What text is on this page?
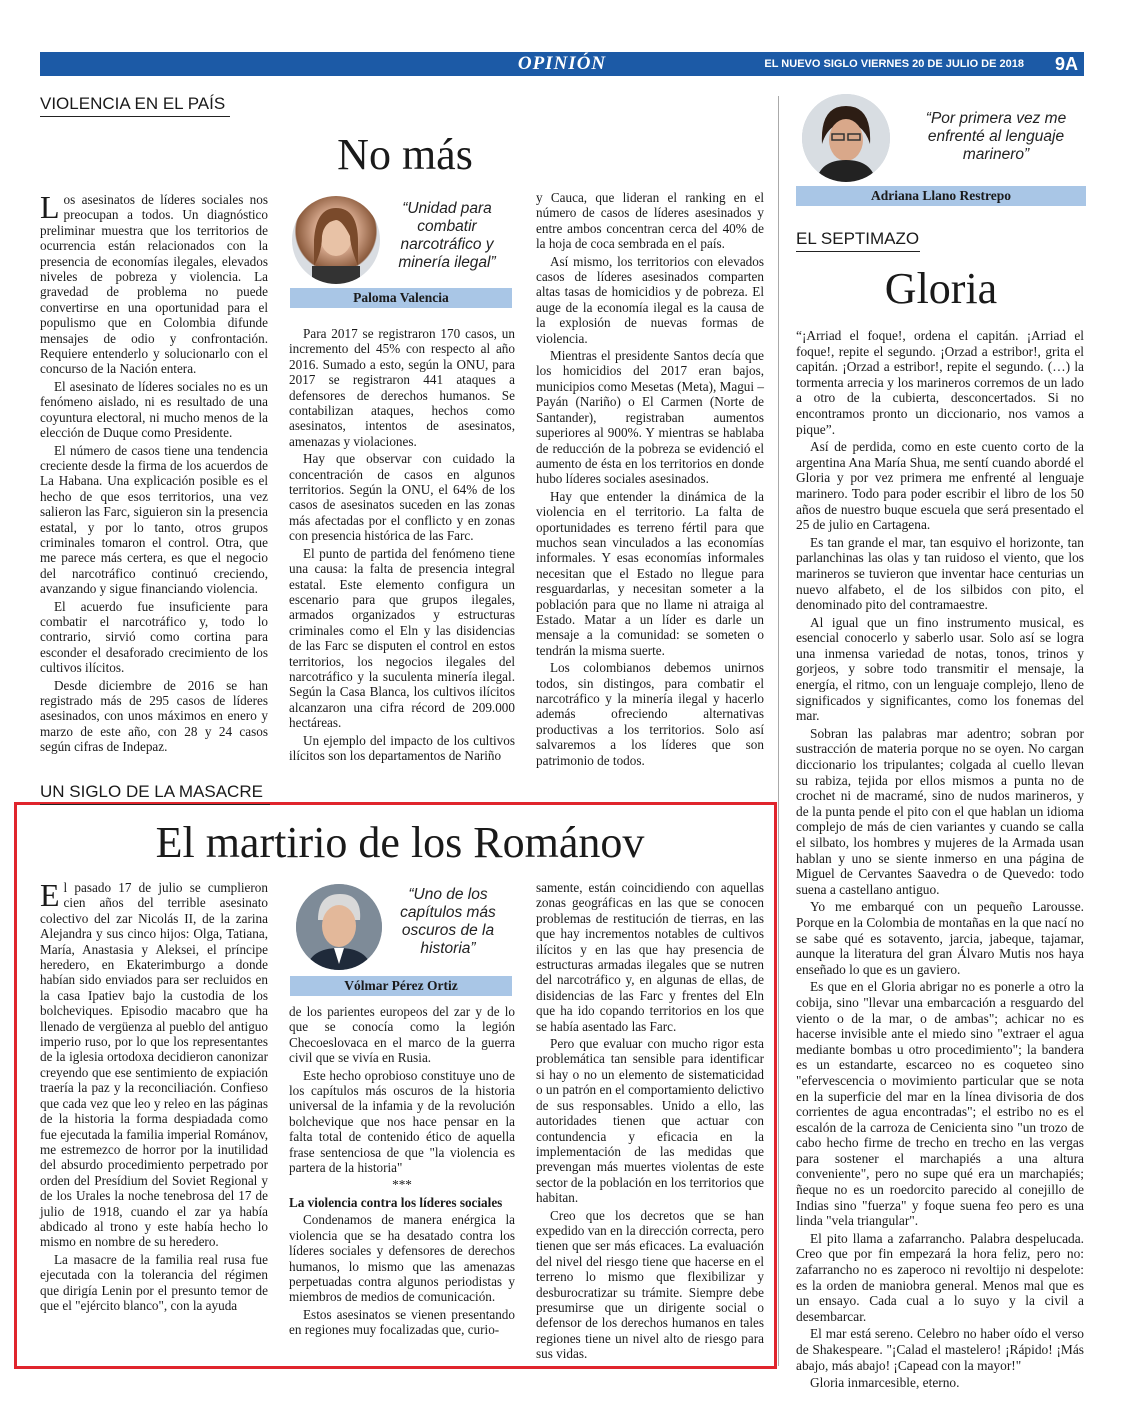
OPINIÓN	EL NUEVO SIGLO VIERNES 20 DE JULIO DE 2018 9A
VIOLENCIA EN EL PAÍS
No más
“Unidad para combatir narcotráfico y minería ilegal”
Paloma Valencia

Los asesinatos de líderes sociales nos preocupan a todos. Un diagnóstico preliminar muestra que los territorios de ocurrencia están relacionados con la presencia de economías ilegales, elevados niveles de pobreza y violencia. La gravedad de problema no puede convertirse en una oportunidad para el populismo que en Colombia difunde mensajes de odio y confrontación. Requiere entenderlo y solucionarlo con el concurso de la Nación entera.

El asesinato de líderes sociales no es un fenómeno aislado, ni es resultado de una coyuntura electoral, ni mucho menos de la elección de Duque como Presidente.

El número de casos tiene una tendencia creciente desde la firma de los acuerdos de La Habana. Una explicación posible es el hecho de que esos territorios, una vez salieron las Farc, siguieron sin la presencia estatal, y por lo tanto, otros grupos criminales tomaron el control. Otra, que me parece más certera, es que el negocio del narcotráfico continuó creciendo, avanzando y sigue financiando violencia.

El acuerdo fue insuficiente para combatir el narcotráfico y, todo lo contrario, sirvió como cortina para esconder el desaforado crecimiento de los cultivos ilícitos.

Desde diciembre de 2016 se han registrado más de 295 casos de líderes asesinados, con unos máximos en enero y marzo de este año, con 28 y 24 casos según cifras de Indepaz.

Para 2017 se registraron 170 casos, un incremento del 45% con respecto al año 2016. Sumado a esto, según la ONU, para 2017 se registraron 441 ataques a defensores de derechos humanos. Se contabilizan ataques, hechos como asesinatos, intentos de asesinatos, amenazas y violaciones.

Hay que observar con cuidado la concentración de casos en algunos territorios. Según la ONU, el 64% de los casos de asesinatos suceden en las zonas más afectadas por el conflicto y en zonas con presencia histórica de las Farc.

El punto de partida del fenómeno tiene una causa: la falta de presencia integral estatal. Este elemento configura un escenario para que grupos ilegales, armados organizados y estructuras criminales como el Eln y las disidencias de las Farc se disputen el control en estos territorios, los negocios ilegales del narcotráfico y la suculenta minería ilegal. Según la Casa Blanca, los cultivos ilícitos alcanzaron una cifra récord de 209.000 hectáreas.

Un ejemplo del impacto de los cultivos ilícitos son los departamentos de Nariño

y Cauca, que lideran el ranking en el número de casos de líderes asesinados y entre ambos concentran cerca del 40% de la hoja de coca sembrada en el país.

Así mismo, los territorios con elevados casos de líderes asesinados comparten altas tasas de homicidios y de pobreza. El auge de la economía ilegal es la causa de la explosión de nuevas formas de violencia.

Mientras el presidente Santos decía que los homicidios del 2017 eran bajos, municipios como Mesetas (Meta), Magui – Payán (Nariño) o El Carmen (Norte de Santander), registraban aumentos superiores al 900%. Y mientras se hablaba de reducción de la pobreza se evidenció el aumento de ésta en los territorios en donde hubo líderes sociales asesinados.

Hay que entender la dinámica de la violencia en el territorio. La falta de oportunidades es terreno fértil para que muchos sean vinculados a las economías informales. Y esas economías informales necesitan que el Estado no llegue para resguardarlas, y necesitan someter a la población para que no llame ni atraiga al Estado. Matar a un líder es darle un mensaje a la comunidad: se someten o tendrán la misma suerte.

Los colombianos debemos unirnos todos, sin distingos, para combatir el narcotráfico y la minería ilegal y hacerlo además ofreciendo alternativas productivas a los territorios. Solo así salvaremos a los líderes que son patrimonio de todos.

UN SIGLO DE LA MASACRE
El martirio de los Románov
“Uno de los capítulos más oscuros de la historia”
Vólmar Pérez Ortiz

El pasado 17 de julio se cumplieron cien años del terrible asesinato colectivo del zar Nicolás II, de la zarina Alejandra y sus cinco hijos: Olga, Tatiana, María, Anastasia y Aleksei, el príncipe heredero, en Ekaterimburgo a donde habían sido enviados para ser recluidos en la casa Ipatiev bajo la custodia de los bolcheviques. Episodio macabro que ha llenado de vergüenza al pueblo del antiguo imperio ruso, por lo que los representantes de la iglesia ortodoxa decidieron canonizar creyendo que ese sentimiento de expiación traería la paz y la reconciliación. Confieso que cada vez que leo y releo en las páginas de la historia la forma despiadada como fue ejecutada la familia imperial Románov, me estremezco de horror por la inutilidad del absurdo procedimiento perpetrado por orden del Presídium del Soviet Regional y de los Urales la noche tenebrosa del 17 de julio de 1918, cuando el zar ya había abdicado al trono y este había hecho lo mismo en nombre de su heredero.

La masacre de la familia real rusa fue ejecutada con la tolerancia del régimen que dirigía Lenin por el presunto temor de que el "ejército blanco", con la ayuda

de los parientes europeos del zar y de lo que se conocía como la legión Checoeslovaca en el marco de la guerra civil que se vivía en Rusia.

Este hecho oprobioso constituye uno de los capítulos más oscuros de la historia universal de la infamia y de la revolución bolchevique que nos hace pensar en la falta total de contenido ético de aquella frase sentenciosa de que "la violencia es partera de la historia"

***

La violencia contra los líderes sociales

Condenamos de manera enérgica la violencia que se ha desatado contra los líderes sociales y defensores de derechos humanos, lo mismo que las amenazas perpetuadas contra algunos periodistas y miembros de medios de comunicación.

Estos asesinatos se vienen presentando en regiones muy focalizadas que, curio-

samente, están coincidiendo con aquellas zonas geográficas en las que se conocen problemas de restitución de tierras, en las que hay incrementos notables de cultivos ilícitos y en las que hay presencia de estructuras armadas ilegales que se nutren del narcotráfico y, en algunas de ellas, de disidencias de las Farc y frentes del Eln que ha ido copando territorios en los que se había asentado las Farc.

Pero que evaluar con mucho rigor esta problemática tan sensible para identificar si hay o no un elemento de sistematicidad o un patrón en el comportamiento delictivo de sus responsables. Unido a ello, las autoridades tienen que actuar con contundencia y eficacia en la implementación de las medidas que prevengan más muertes violentas de este sector de la población en los territorios que habitan.

Creo que los decretos que se han expedido van en la dirección correcta, pero tienen que ser más eficaces. La evaluación del nivel del riesgo tiene que hacerse en el terreno lo mismo que flexibilizar y desburocratizar su trámite. Siempre debe presumirse que un dirigente social o defensor de los derechos humanos en tales regiones tiene un nivel alto de riesgo para sus vidas.

“Por primera vez me enfrenté al lenguaje marinero”
Adriana Llano Restrepo
EL SEPTIMAZO
Gloria

“¡Arriad el foque!, ordena el capitán. ¡Arriad el foque!, repite el segundo. ¡Orzad a estribor!, grita el capitán. ¡Orzad a estribor!, repite el segundo. (…) la tormenta arrecia y los marineros corremos de un lado a otro de la cubierta, desconcertados. Si no encontramos pronto un diccionario, nos vamos a pique”.

Así de perdida, como en este cuento corto de la argentina Ana María Shua, me sentí cuando abordé el Gloria y por vez primera me enfrenté al lenguaje marinero. Todo para poder escribir el libro de los 50 años de nuestro buque escuela que será presentado el 25 de julio en Cartagena.

Es tan grande el mar, tan esquivo el horizonte, tan parlanchinas las olas y tan ruidoso el viento, que los marineros se tuvieron que inventar hace centurias un nuevo alfabeto, el de los silbidos con pito, el denominado pito del contramaestre.

Al igual que un fino instrumento musical, es esencial conocerlo y saberlo usar. Solo así se logra una inmensa variedad de notas, tonos, trinos y gorjeos, y sobre todo transmitir el mensaje, la energía, el ritmo, con un lenguaje complejo, lleno de significados y significantes, como los fonemas del mar.

Sobran las palabras mar adentro; sobran por sustracción de materia porque no se oyen. No cargan diccionario los tripulantes; colgada al cuello llevan su rabiza, tejida por ellos mismos a punta no de crochet ni de macramé, sino de nudos marineros, y de la punta pende el pito con el que hablan un idioma complejo de más de cien variantes y cuando se calla el silbato, los hombres y mujeres de la Armada usan hablan y uno se siente inmerso en una página de Miguel de Cervantes Saavedra o de Quevedo: todo suena a castellano antiguo.

Yo me embarqué con un pequeño Larousse. Porque en la Colombia de montañas en la que nací no se sabe qué es sotavento, jarcia, jabeque, tajamar, aunque la literatura del gran Álvaro Mutis nos haya enseñado lo que es un gaviero.

Es que en el Gloria abrigar no es ponerle a otro la cobija, sino "llevar una embarcación a resguardo del viento o de la mar, o de ambas"; achicar no es hacerse invisible ante el miedo sino "extraer el agua mediante bombas u otro procedimiento"; la bandera es un estandarte, escarceo no es coqueteo sino "efervescencia o movimiento particular que se nota en la superficie del mar en la línea divisoria de dos corrientes de agua encontradas"; el estribo no es el escalón de la carroza de Cenicienta sino "un trozo de cabo hecho firme de trecho en trecho en las vergas para sostener el marchapiés a una altura conveniente", pero no supe qué era un marchapiés; ñeque no es un roedorcito parecido al conejillo de Indias sino "fuerza" y foque suena feo pero es una linda "vela triangular".

El pito llama a zafarrancho. Palabra despelucada. Creo que por fin empezará la hora feliz, pero no: zafarrancho no es zaperoco ni revoltijo ni despelote: es la orden de maniobra general. Menos mal que es un ensayo. Cada cual a lo suyo y la civil a desembarcar.

El mar está sereno. Celebro no haber oído el verso de Shakespeare. "¡Calad el mastelero! ¡Rápido! ¡Más abajo, más abajo! ¡Capead con la mayor!"

Gloria inmarcesible, eterno.
